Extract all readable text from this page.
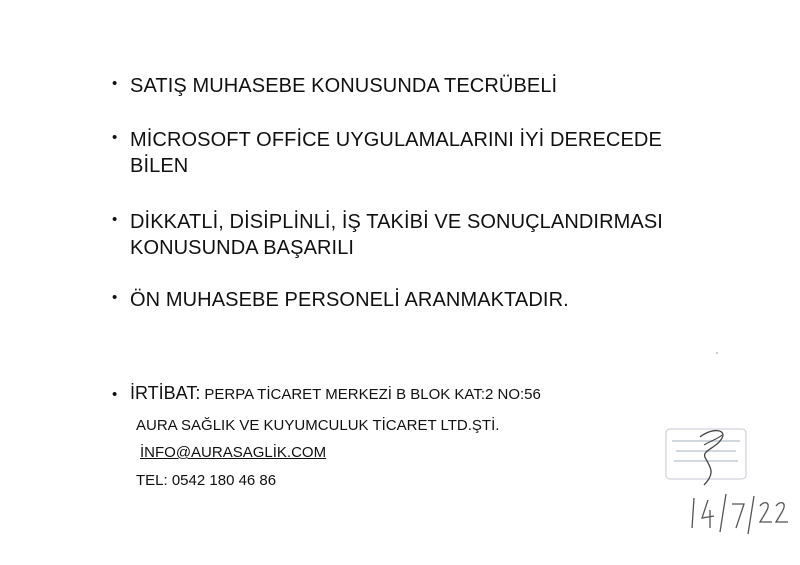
• SATIŞ MUHASEBE KONUSUNDA TECRÜBELİ
• MİCROSOFT OFFİCE UYGULAMALARINI İYİ DERECEDE
BİLEN
• DİKKATLİ, DİSİPLİNLİ, İŞ TAKİBİ VE SONUÇLANDIRMASI
KONUSUNDA BAŞARILI
• ÖN MUHASEBE PERSONELİ ARANMAKTADIR.
• İRTİBAT: PERPA TİCARET MERKEZİ B BLOK KAT:2 NO:56
AURA SAĞLIK VE KUYUMCULUK TİCARET LTD.ŞTİ.
İNFO@AURASAGLİK.COM
TEL: 0542 180 46 86
